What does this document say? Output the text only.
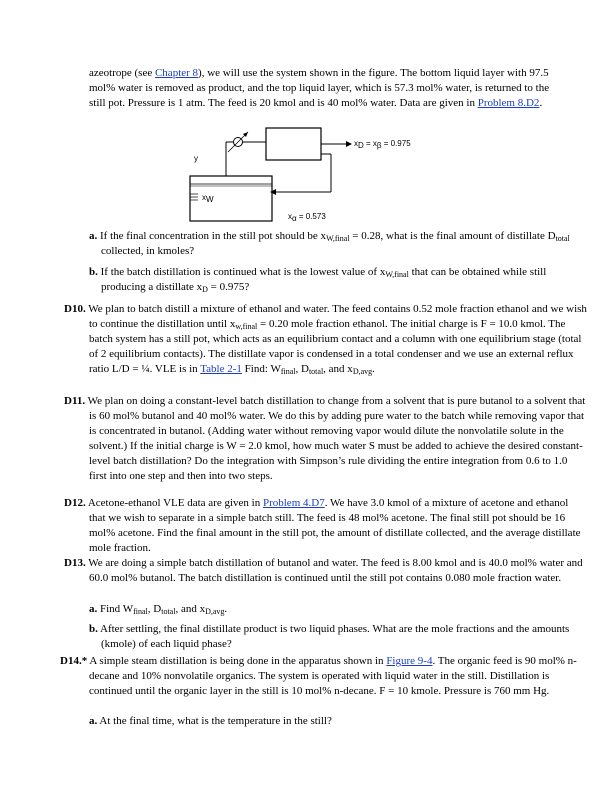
azeotrope (see Chapter 8), we will use the system shown in the figure. The bottom liquid layer with 97.5 mol% water is removed as product, and the top liquid layer, which is 57.3 mol% water, is returned to the still pot. Pressure is 1 atm. The feed is 20 kmol and is 40 mol% water. Data are given in Problem 8.D2.

$x_D = x_\beta = 0.975$
y
$x_W$
$x_\alpha = 0.573$
a. If the final concentration in the still pot should be $x_{W,final} = 0.28$, what is the final amount of distillate $D_{total}$ collected, in kmoles?
b. If the batch distillation is continued what is the lowest value of $x_{W,final}$ that can be obtained while still producing a distillate $x_D = 0.975$?
D10. We plan to batch distill a mixture of ethanol and water. The feed contains 0.52 mole fraction ethanol and we wish to continue the distillation until $x_{w,final} = 0.20$ mole fraction ethanol. The initial charge is F = 10.0 kmol. The batch system has a still pot, which acts as an equilibrium contact and a column with one equilibrium stage (total of 2 equilibrium contacts). The distillate vapor is condensed in a total condenser and we use an external reflux ratio L/D = ¼. VLE is in Table 2-1 Find: $W_{final}$, $D_{total}$, and $x_{D,avg}$.
D11. We plan on doing a constant-level batch distillation to change from a solvent that is pure butanol to a solvent that is 60 mol% butanol and 40 mol% water. We do this by adding pure water to the batch while removing vapor that is concentrated in butanol. (Adding water without removing vapor would dilute the nonvolatile solute in the solvent.) If the initial charge is W = 2.0 kmol, how much water S must be added to achieve the desired constant-level batch distillation? Do the integration with Simpson’s rule dividing the entire integration from 0.6 to 1.0 first into one step and then into two steps.
D12. Acetone-ethanol VLE data are given in Problem 4.D7. We have 3.0 kmol of a mixture of acetone and ethanol that we wish to separate in a simple batch still. The feed is 48 mol% acetone. The final still pot should be 16 mol% acetone. Find the final amount in the still pot, the amount of distillate collected, and the average distillate mole fraction.
D13. We are doing a simple batch distillation of butanol and water. The feed is 8.00 kmol and is 40.0 mol% water and 60.0 mol% butanol. The batch distillation is continued until the still pot contains 0.080 mole fraction water.
a. Find $W_{final}$, $D_{total}$, and $x_{D,avg}$.
b. After settling, the final distillate product is two liquid phases. What are the mole fractions and the amounts (kmole) of each liquid phase?
D14.* A simple steam distillation is being done in the apparatus shown in Figure 9-4. The organic feed is 90 mol% n-decane and 10% nonvolatile organics. The system is operated with liquid water in the still. Distillation is continued until the organic layer in the still is 10 mol% n-decane. F = 10 kmole. Pressure is 760 mm Hg.
a. At the final time, what is the temperature in the still?
